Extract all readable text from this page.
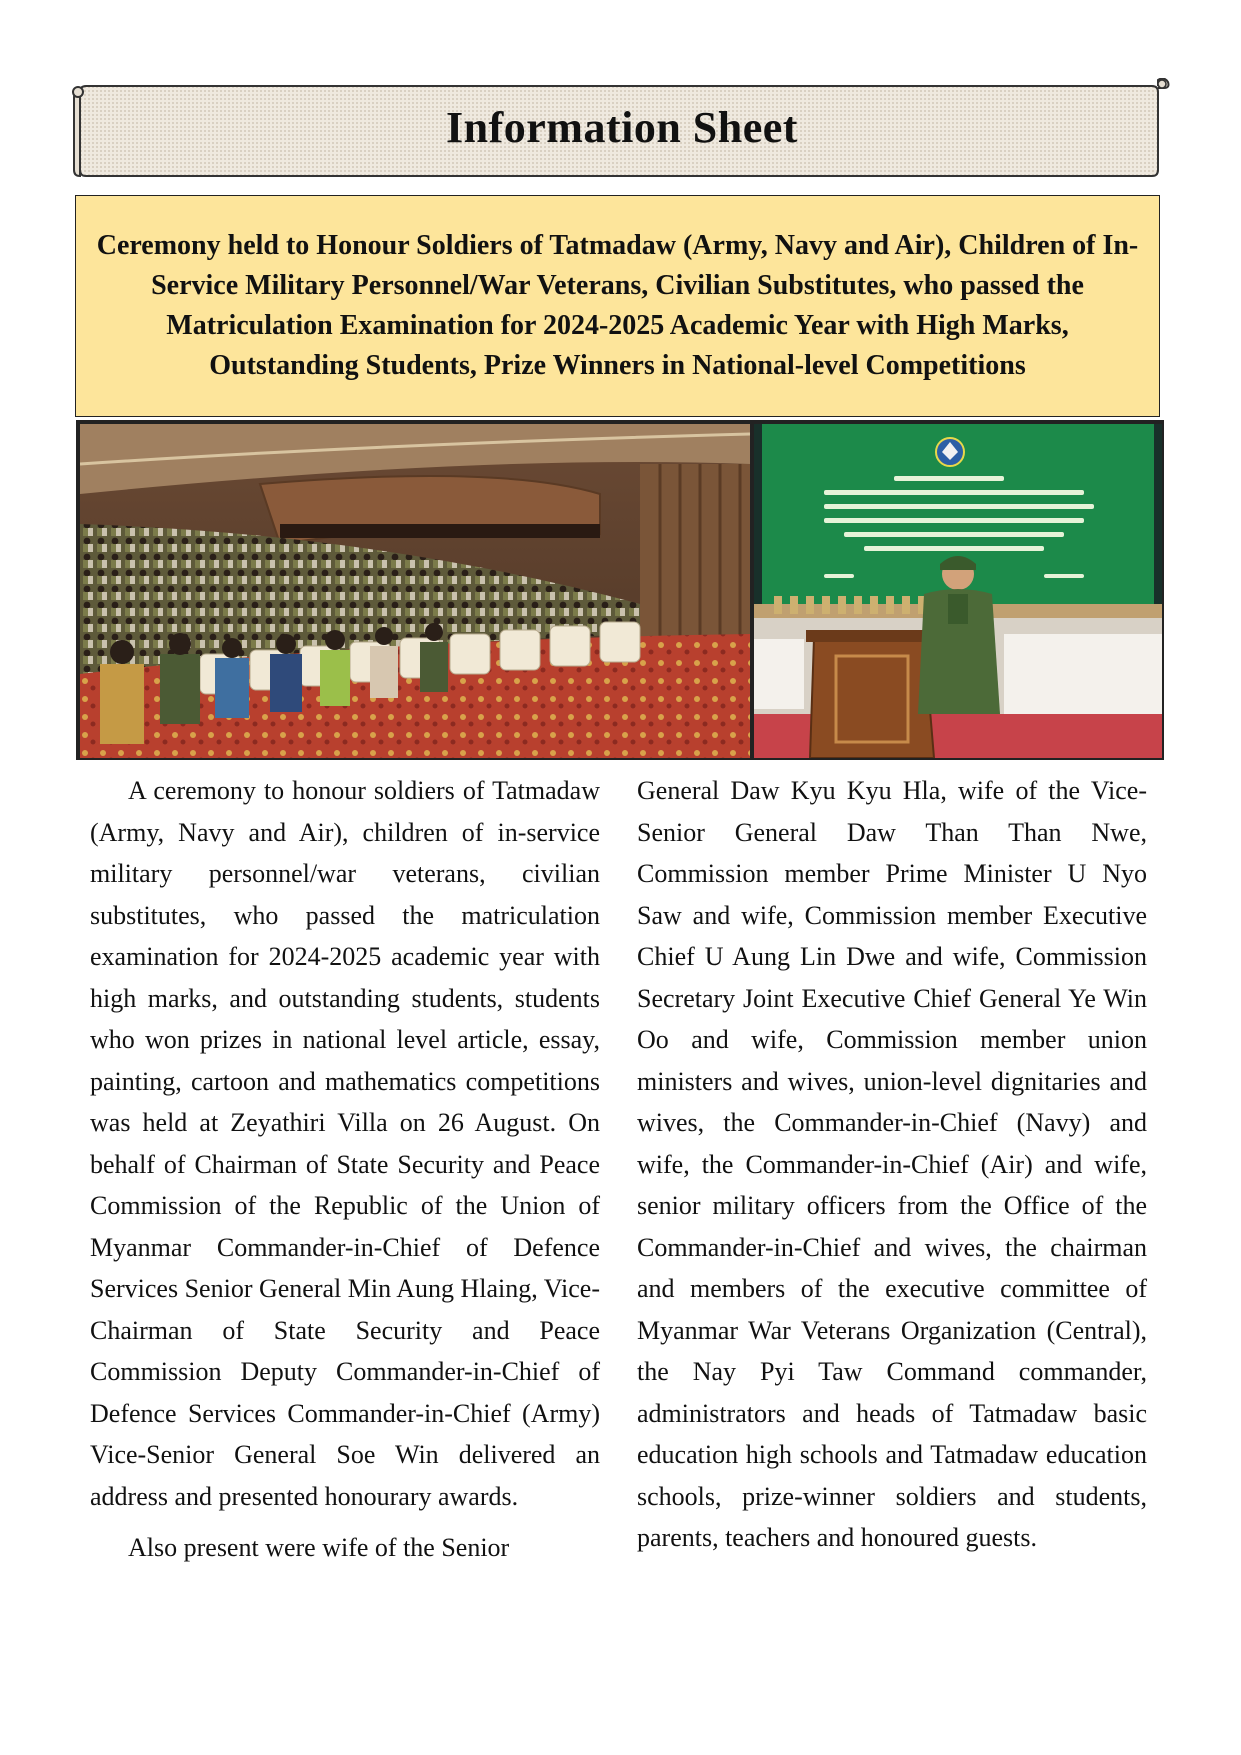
Information Sheet
Ceremony held to Honour Soldiers of Tatmadaw (Army, Navy and Air), Children of In-Service Military Personnel/War Veterans, Civilian Substitutes, who passed the Matriculation Examination for 2024-2025 Academic Year with High Marks, Outstanding Students, Prize Winners in National-level Competitions

A ceremony to honour soldiers of Tatmadaw (Army, Navy and Air), children of in-service military personnel/war veterans, civilian substitutes, who passed the matriculation examination for 2024-2025 academic year with high marks, and outstanding students, students who won prizes in national level article, essay, painting, cartoon and mathematics competitions was held at Zeyathiri Villa on 26 August. On behalf of Chairman of State Security and Peace Commission of the Republic of the Union of Myanmar Commander-in-Chief of Defence Services Senior General Min Aung Hlaing, Vice-Chairman of State Security and Peace Commission Deputy Commander-in-Chief of Defence Services Commander-in-Chief (Army) Vice-Senior General Soe Win delivered an address and presented honourary awards.

Also present were wife of the Senior

General Daw Kyu Kyu Hla, wife of the Vice-Senior General Daw Than Than Nwe, Commission member Prime Minister U Nyo Saw and wife, Commission member Executive Chief U Aung Lin Dwe and wife, Commission Secretary Joint Executive Chief General Ye Win Oo and wife, Commission member union ministers and wives, union-level dignitaries and wives, the Commander-in-Chief (Navy) and wife, the Commander-in-Chief (Air) and wife, senior military officers from the Office of the Commander-in-Chief and wives, the chairman and members of the executive committee of Myanmar War Veterans Organization (Central), the Nay Pyi Taw Command commander, administrators and heads of Tatmadaw basic education high schools and Tatmadaw education schools, prize-winner soldiers and students, parents, teachers and honoured guests.
